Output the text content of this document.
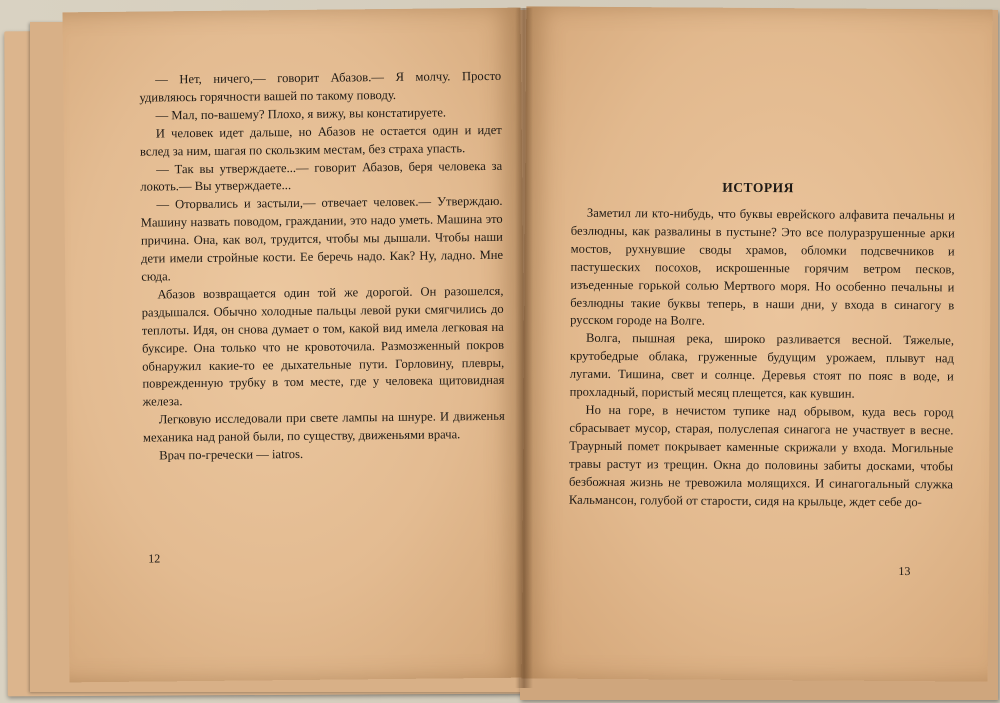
— Нет, ничего,— говорит Абазов.— Я молчу. Просто удивляюсь горячности вашей по такому поводу.

— Мал, по-вашему? Плохо, я вижу, вы констатируете.

И человек идет дальше, но Абазов не остается один и идет вслед за ним, шагая по скользким местам, без страха упасть.

— Так вы утверждаете...— говорит Абазов, беря человека за локоть.— Вы утверждаете...

— Оторвались и застыли,— отвечает человек.— Утверждаю. Машину назвать поводом, граждании, это надо уметь. Машина это причина. Она, как вол, трудится, чтобы мы дышали. Чтобы наши дети имели стройные кости. Ее беречь надо. Как? Ну, ладно. Мне сюда.

Абазов возвращается один той же дорогой. Он разошелся, раздышался. Обычно холодные пальцы левой руки смягчились до теплоты. Идя, он снова думает о том, какой вид имела легковая на буксире. Она только что не кровоточила. Размозженный покров обнаружил какие-то ее дыхательные пути. Горловину, плевры, поврежденную трубку в том месте, где у человека щитовидная железа.

Легковую исследовали при свете лампы на шнуре. И движенья механика над раной были, по существу, движеньями врача.

Врач по-гречески — iatros.

12
ИСТОРИЯ

Заметил ли кто-нибудь, что буквы еврейского алфавита печальны и безлюдны, как развалины в пустыне? Это все полуразрушенные арки мостов, рухнувшие своды храмов, обломки подсвечников и пастушеских посохов, искрошенные горячим ветром песков, изъеденные горькой солью Мертвого моря. Но особенно печальны и безлюдны такие буквы теперь, в наши дни, у входа в синагогу в русском городе на Волге.

Волга, пышная река, широко разливается весной. Тяжелые, крутобедрые облака, груженные будущим урожаем, плывут над лугами. Тишина, свет и солнце. Деревья стоят по пояс в воде, и прохладный, пористый месяц плещется, как кувшин.

Но на горе, в нечистом тупике над обрывом, куда весь город сбрасывает мусор, старая, полуслепая синагога не участвует в весне. Траурный помет покрывает каменные скрижали у входа. Могильные травы растут из трещин. Окна до половины забиты досками, чтобы безбожная жизнь не тревожила молящихся. И синагогальный служка Кальмансон, голубой от старости, сидя на крыльце, ждет себе до-

13
